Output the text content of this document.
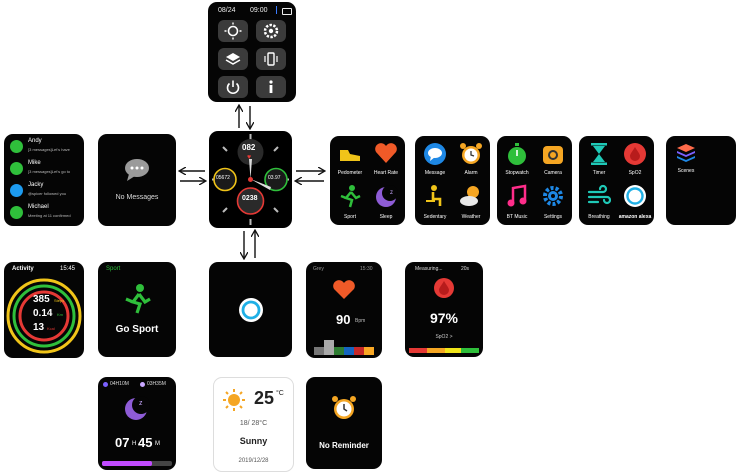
08/24 09:00
Andy
[3 messages]Let's have
Mike
[3 messages]Let's go to
Jacky
@spicer followed you
Michael
Meeting at 11 confirmed
No Messages
082
♥
05672	03.97
0238
Pedometer	Heart Rate
Sport
z
Sleep
Message	Alarm
Sedentary	Weather
Stopwatch	Camera
BT Music	Settings
Timer	SpO2
Breathing	amazon alexa
Scenes
Activity	15:45
385 Steps
0.14 Km
13 Kcal
Sport
Go Sport
Grey	15:30
90 Bpm
Measuring...	20s
97%
SpO2 >
04H10M	03H35M
z
07 H 45 M
25 °C
18/ 28°C
Sunny
2019/12/28
No Reminder
